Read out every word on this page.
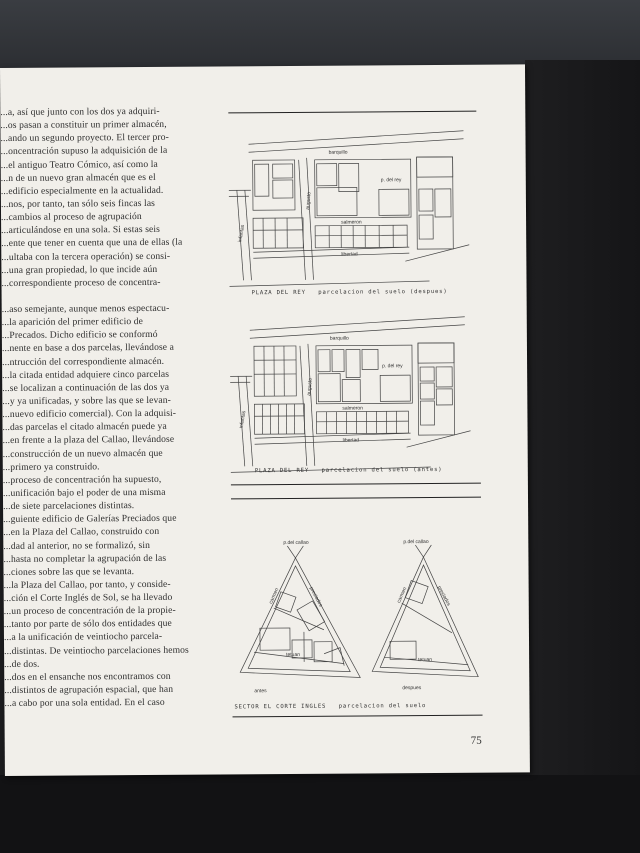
...a, así que junto con los dos ya adquiri-
...os pasan a constituir un primer almacén,
...ando un segundo proyecto. El tercer pro-
...oncentración supuso la adquisición de la
...el antiguo Teatro Cómico, así como la
...n de un nuevo gran almacén que es el
...edificio especialmente en la actualidad.
...nos, por tanto, tan sólo seis fincas las
...cambios al proceso de agrupación
...articulándose en una sola. Si estas seis
...ente que tener en cuenta que una de ellas (la
...ultaba con la tercera operación) se consi-
...una gran propiedad, lo que incide aún
...correspondiente proceso de concentra-
...aso semejante, aunque menos espectacu-
...la aparición del primer edificio de
...Precados. Dicho edificio se conformó
...nente en base a dos parcelas, llevándose a
...ntrucción del correspondiente almacén.
...la citada entidad adquiere cinco parcelas
...se localizan a continuación de las dos ya
...y ya unificadas, y sobre las que se levan-
...nuevo edificio comercial). Con la adquisi-
...das parcelas el citado almacén puede ya
...en frente a la plaza del Callao, llevándose
...construcción de un nuevo almacén que
...primero ya construido.
...proceso de concentración ha supuesto,
...unificación bajo el poder de una misma
...de siete parcelaciones distintas.
...guiente edificio de Galerías Preciados que
...en la Plaza del Callao, construido con
...dad al anterior, no se formalizó, sin
...hasta no completar la agrupación de las
...ciones sobre las que se levanta.
...la Plaza del Callao, por tanto, y conside-
...ción el Corte Inglés de Sol, se ha llevado
...un proceso de concentración de la propie-
...tanto por parte de sólo dos entidades que
...a la unificación de veintiocho parcela-
...distintas. De veintiocho parcelaciones hemos
...de dos.
...dos en el ensanche nos encontramos con
...distintos de agrupación espacial, que han
...a cabo por una sola entidad. En el caso
barquillo
p. del rey
salmeron
libertad
infantas
augusto
PLAZA DEL REY parcelacion del suelo (despues)
barquillo
p. del rey
salmeron
libertad
infantas
augusto
PLAZA DEL REY parcelacion del suelo (antes)
p.del callao	p.del callao
preciados
carmen
tetuan
preciados
carmen
tetuan
antes	despues
SECTOR EL CORTE INGLES parcelacion del suelo
75
